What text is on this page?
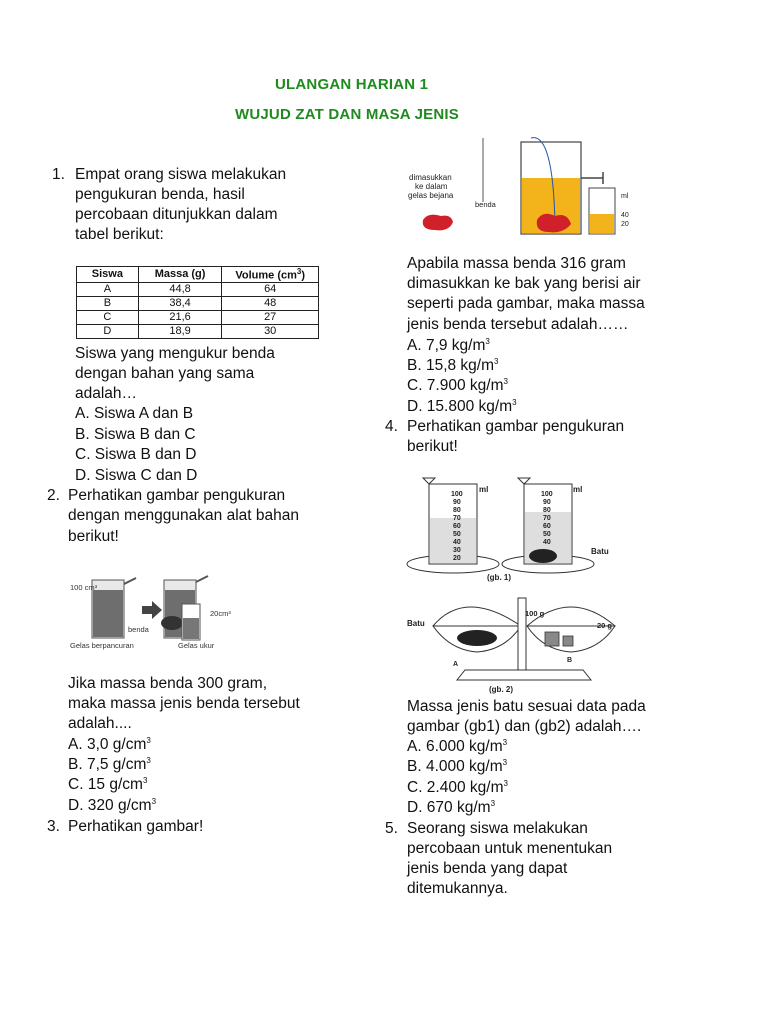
ULANGAN HARIAN 1
WUJUD ZAT DAN MASA JENIS
1. Empat orang siswa melakukan
pengukuran benda, hasil
percobaan ditunjukkan dalam
tabel berikut:
Siswa	Massa (g)	Volume $(cm^3)$
A	44,8	64
B	38,4	48
C	21,6	27
D	18,9	30
Siswa yang mengukur benda
dengan bahan yang sama
adalah…
A. Siswa A dan B
B. Siswa B dan C
C. Siswa B dan D
D. Siswa C dan D
2. Perhatikan gambar pengukuran
dengan menggunakan alat bahan
berikut!
100 cm³
benda
20cm³
Gelas berpancuran	Gelas ukur
Jika massa benda 300 gram,
maka massa jenis benda tersebut
adalah....
A. 3,0 $g/cm^3$
B. 7,5 $g/cm^3$
C. 15 $g/cm^3$
D. 320 $g/cm^3$
3. Perhatikan gambar!
dimasukkan
ke dalam
gelas bejana
benda
ml
40
20
Apabila massa benda 316 gram
dimasukkan ke bak yang berisi air
seperti pada gambar, maka massa
jenis benda tersebut adalah……
A. 7,9 $kg/m^3$
B. 15,8 $kg/m^3$
C. 7.900 $kg/m^3$
D. 15.800 $kg/m^3$
4. Perhatikan gambar pengukuran
berikut!
ml
100
90
80
70
60
50
40
30
20
ml
Batu
100
90
80
70
60
50
40
(gb. 1)
Batu
100 g
20 g
A
B
(gb. 2)
Massa jenis batu sesuai data pada
gambar (gb1) dan (gb2) adalah….
A. 6.000 $kg/m^3$
B. 4.000 $kg/m^3$
C. 2.400 $kg/m^3$
D. 670 $kg/m^3$
5. Seorang siswa melakukan
percobaan untuk menentukan
jenis benda yang dapat
ditemukannya.
